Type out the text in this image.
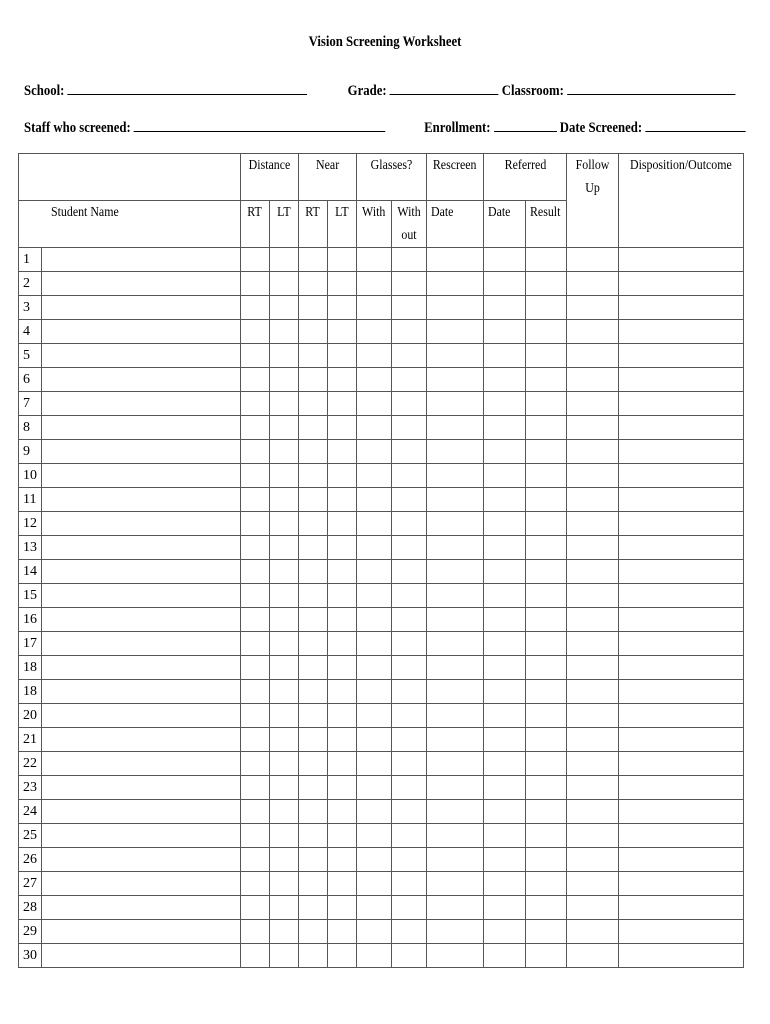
Vision Screening Worksheet
School:	Grade:	Classroom:
Staff who screened:	Enrollment:	Date Screened:
		Distance		Near		Glasses?		Rescreen	Referred		Follow Up	Disposition/Outcome
Student Name		RT	LT	RT	LT	With	With out	Date	Date	Result		
1												
2												
3												
4												
5												
6												
7												
8												
9												
10												
11												
12												
13												
14												
15												
16												
17												
18												
18												
20												
21												
22												
23												
24												
25												
26												
27												
28												
29												
30												
